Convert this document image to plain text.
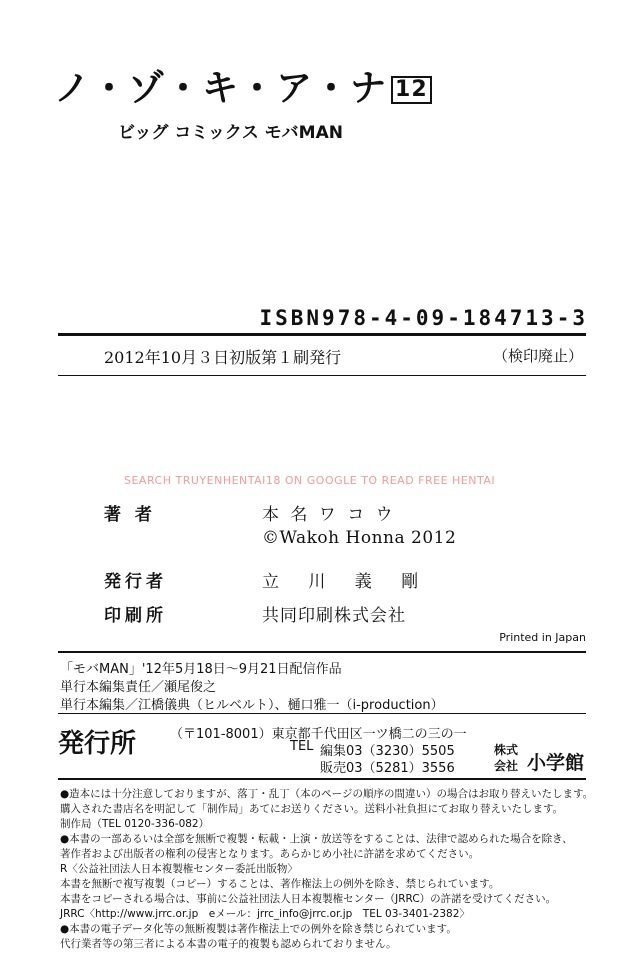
ノ・ゾ・キ・ア・ナ 12
ビッグ コミックス モバMAN
ISBN978-4-09-184713-3
2012年10月３日初版第１刷発行	（検印廃止）
SEARCH TRUYENHENTAI18 ON GOOGLE TO READ FREE HENTAI
著 者	本 名 ワ コ ウ
©Wakoh Honna 2012
発行者	立 川 義 剛
印刷所	共同印刷株式会社
Printed in Japan
「モバMAN」'12年5月18日〜9月21日配信作品
単行本編集責任／瀬尾俊之
単行本編集／江橋儀典（ヒルベルト）、樋口雅一（i-production）
発行所	（〒101-8001）東京都千代田区一ツ橋二の三の一
TEL 編集03（3230）5505
販売03（5281）3556
株式
会社 小学館
●造本には十分注意しておりますが、落丁・乱丁（本のページの順序の間違い）の場合はお取り替えいたします。
購入された書店名を明記して「制作局」あてにお送りください。送料小社負担にてお取り替えいたします。
制作局（TEL 0120-336-082）
●本書の一部あるいは全部を無断で複製・転載・上演・放送等をすることは、法律で認められた場合を除き、
著作者および出版者の権利の侵害となります。あらかじめ小社に許諾を求めてください。
R〈公益社団法人日本複製権センター委託出版物〉
本書を無断で複写複製（コピー）することは、著作権法上の例外を除き、禁じられています。
本書をコピーされる場合は、事前に公益社団法人日本複製権センター（JRRC）の許諾を受けてください。
JRRC〈http://www.jrrc.or.jp　eメール：jrrc_info@jrrc.or.jp　TEL 03-3401-2382〉
●本書の電子データ化等の無断複製は著作権法上での例外を除き禁じられています。
代行業者等の第三者による本書の電子的複製も認められておりません。
